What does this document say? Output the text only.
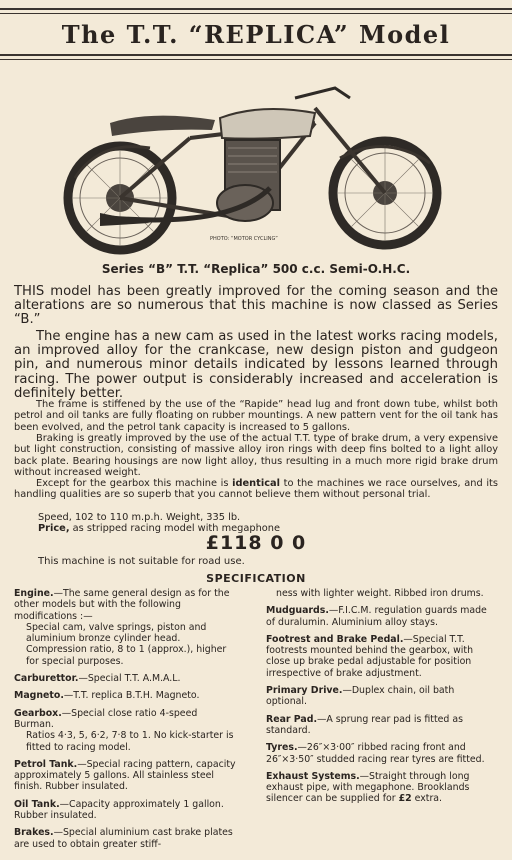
The T.T. “REPLICA” Model
PHOTO: “MOTOR CYCLING”
Series “B” T.T. “Replica” 500 c.c. Semi-O.H.C.

THIS model has been greatly improved for the coming season and the alterations are so numerous that this machine is now classed as Series “B.”

The engine has a new cam as used in the latest works racing models, an improved alloy for the crankcase, new design piston and gudgeon pin, and numerous minor details indicated by lessons learned through racing. The power output is considerably increased and acceleration is definitely better.

The frame is stiffened by the use of the “Rapide” head lug and front down tube, whilst both petrol and oil tanks are fully floating on rubber mountings. A new pattern vent for the oil tank has been evolved, and the petrol tank capacity is increased to 5 gallons.

Braking is greatly improved by the use of the actual T.T. type of brake drum, a very expensive but light construction, consisting of massive alloy iron rings with deep fins bolted to a light alloy back plate. Bearing housings are now light alloy, thus resulting in a much more rigid brake drum without increased weight.

Except for the gearbox this machine is identical to the machines we race ourselves, and its handling qualities are so superb that you cannot believe them without personal trial.

Speed, 102 to 110 m.p.h. Weight, 335 lb.

Price, as stripped racing model with megaphone

£118 0 0
This machine is not suitable for road use.
SPECIFICATION

Engine.—The same general design as for the other models but with the following modifications :—
Special cam, valve springs, piston and aluminium bronze cylinder head. Compression ratio, 8 to 1 (approx.), higher for special purposes.

Carburettor.—Special T.T. A.M.A.L.

Magneto.—T.T. replica B.T.H. Magneto.

Gearbox.—Special close ratio 4-speed Burman.
Ratios 4·3, 5, 6·2, 7·8 to 1. No kick-starter is fitted to racing model.

Petrol Tank.—Special racing pattern, capacity approximately 5 gallons. All stainless steel finish. Rubber insulated.

Oil Tank.—Capacity approximately 1 gallon. Rubber insulated.

Brakes.—Special aluminium cast brake plates are used to obtain greater stiff-

ness with lighter weight. Ribbed iron drums.

Mudguards.—F.I.C.M. regulation guards made of duralumin. Aluminium alloy stays.

Footrest and Brake Pedal.—Special T.T. footrests mounted behind the gearbox, with close up brake pedal adjustable for position irrespective of brake adjustment.

Primary Drive.—Duplex chain, oil bath optional.

Rear Pad.—A sprung rear pad is fitted as standard.

Tyres.—26″×3·00″ ribbed racing front and 26″×3·50″ studded racing rear tyres are fitted.

Exhaust Systems.—Straight through long exhaust pipe, with megaphone. Brooklands silencer can be supplied for £2 extra.
